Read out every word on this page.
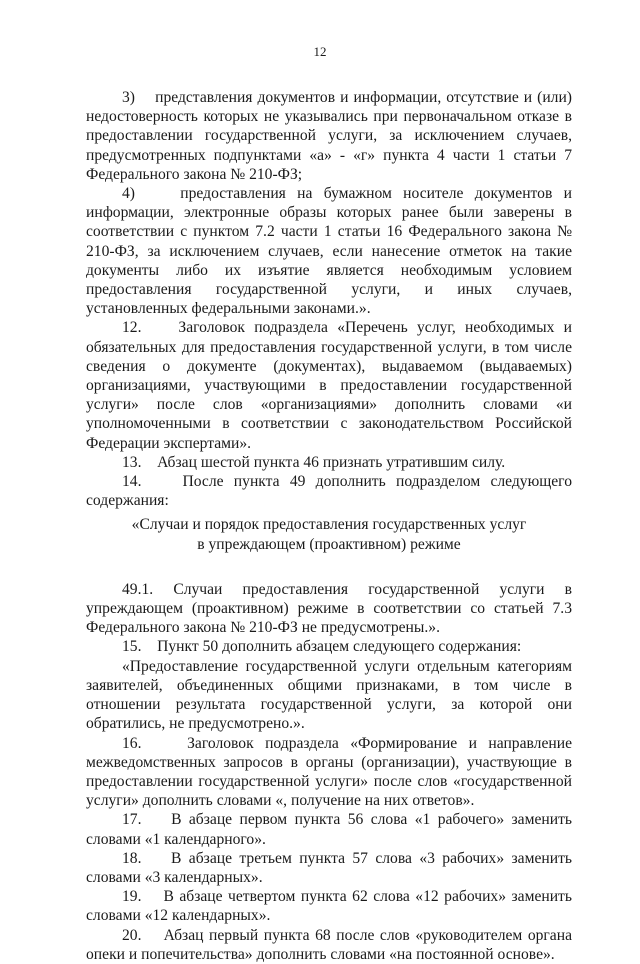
12

3)    представления документов и информации, отсутствие и (или) недостоверность которых не указывались при первоначальном отказе в предоставлении государственной услуги, за исключением случаев, предусмотренных подпунктами «а» - «г» пункта 4 части 1 статьи 7 Федерального закона № 210-ФЗ;

4)    предоставления на бумажном носителе документов и информации, электронные образы которых ранее были заверены в соответствии с пунктом 7.2 части 1 статьи 16 Федерального закона № 210-ФЗ, за исключением случаев, если нанесение отметок на такие документы либо их изъятие является необходимым условием предоставления государственной услуги, и иных случаев, установленных федеральными законами.».

12.    Заголовок подраздела «Перечень услуг, необходимых и обязательных для предоставления государственной услуги, в том числе сведения о документе (документах), выдаваемом (выдаваемых) организациями, участвующими в предоставлении государственной услуги» после слов «организациями» дополнить словами «и уполномоченными в соответствии с законодательством Российской Федерации экспертами».

13.    Абзац шестой пункта 46 признать утратившим силу.

14.    После пункта 49 дополнить подразделом следующего содержания:

«Случаи и порядок предоставления государственных услуг
в упреждающем (проактивном) режиме

49.1. Случаи предоставления государственной услуги в упреждающем (проактивном) режиме в соответствии со статьей 7.3 Федерального закона № 210-ФЗ не предусмотрены.».

15.    Пункт 50 дополнить абзацем следующего содержания:

«Предоставление государственной услуги отдельным категориям заявителей, объединенных общими признаками, в том числе в отношении результата государственной услуги, за которой они обратились, не предусмотрено.».

16.    Заголовок подраздела «Формирование и направление межведомственных запросов в органы (организации), участвующие в предоставлении государственной услуги» после слов «государственной услуги» дополнить словами «, получение на них ответов».

17.    В абзаце первом пункта 56 слова «1 рабочего» заменить словами «1 календарного».

18.    В абзаце третьем пункта 57 слова «3 рабочих» заменить словами «3 календарных».

19.    В абзаце четвертом пункта 62 слова «12 рабочих» заменить словами «12 календарных».

20.    Абзац первый пункта 68 после слов «руководителем органа опеки и попечительства» дополнить словами «на постоянной основе».
